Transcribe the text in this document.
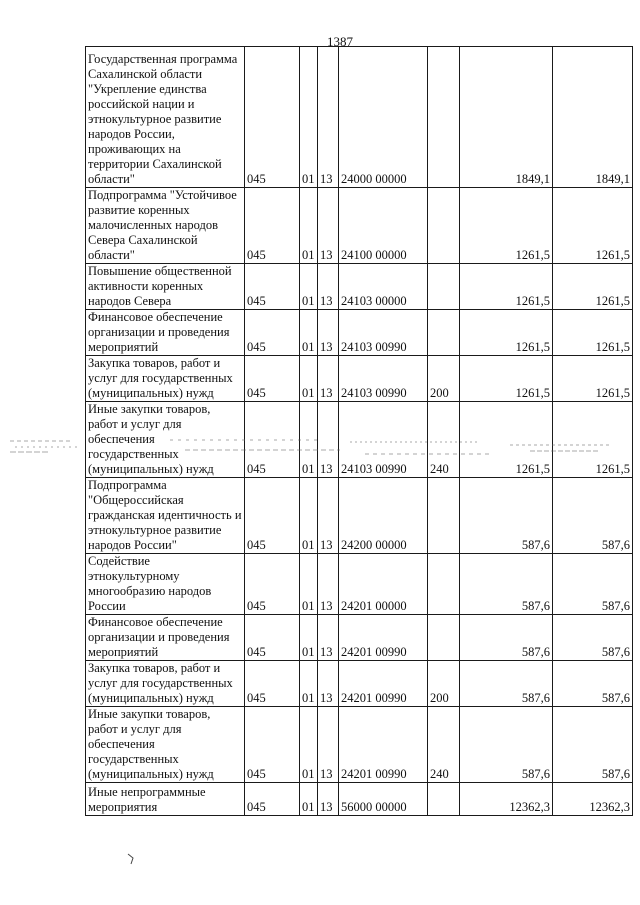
1387
Государственная программа Сахалинской области "Укрепление единства российской нации и этнокультурное развитие народов России, проживающих на территории Сахалинской области"	045	01	13	24000 00000		1849,1	1849,1

Подпрограмма "Устойчивое развитие коренных малочисленных народов Севера Сахалинской области"	045	01	13	24100 00000		1261,5	1261,5

Повышение общественной активности коренных народов Севера	045	01	13	24103 00000		1261,5	1261,5

Финансовое обеспечение организации и проведения мероприятий	045	01	13	24103 00990		1261,5	1261,5

Закупка товаров, работ и услуг для государственных (муниципальных) нужд	045	01	13	24103 00990	200	1261,5	1261,5

Иные закупки товаров, работ и услуг для обеспечения государственных (муниципальных) нужд	045	01	13	24103 00990	240	1261,5	1261,5

Подпрограмма "Общероссийская гражданская идентичность и этнокультурное развитие народов России"	045	01	13	24200 00000		587,6	587,6

Содействие этнокультурному многообразию народов России	045	01	13	24201 00000		587,6	587,6

Финансовое обеспечение организации и проведения мероприятий	045	01	13	24201 00990		587,6	587,6

Закупка товаров, работ и услуг для государственных (муниципальных) нужд	045	01	13	24201 00990	200	587,6	587,6

Иные закупки товаров, работ и услуг для обеспечения государственных (муниципальных) нужд	045	01	13	24201 00990	240	587,6	587,6

Иные непрограммные мероприятия	045	01	13	56000 00000		12362,3	12362,3
